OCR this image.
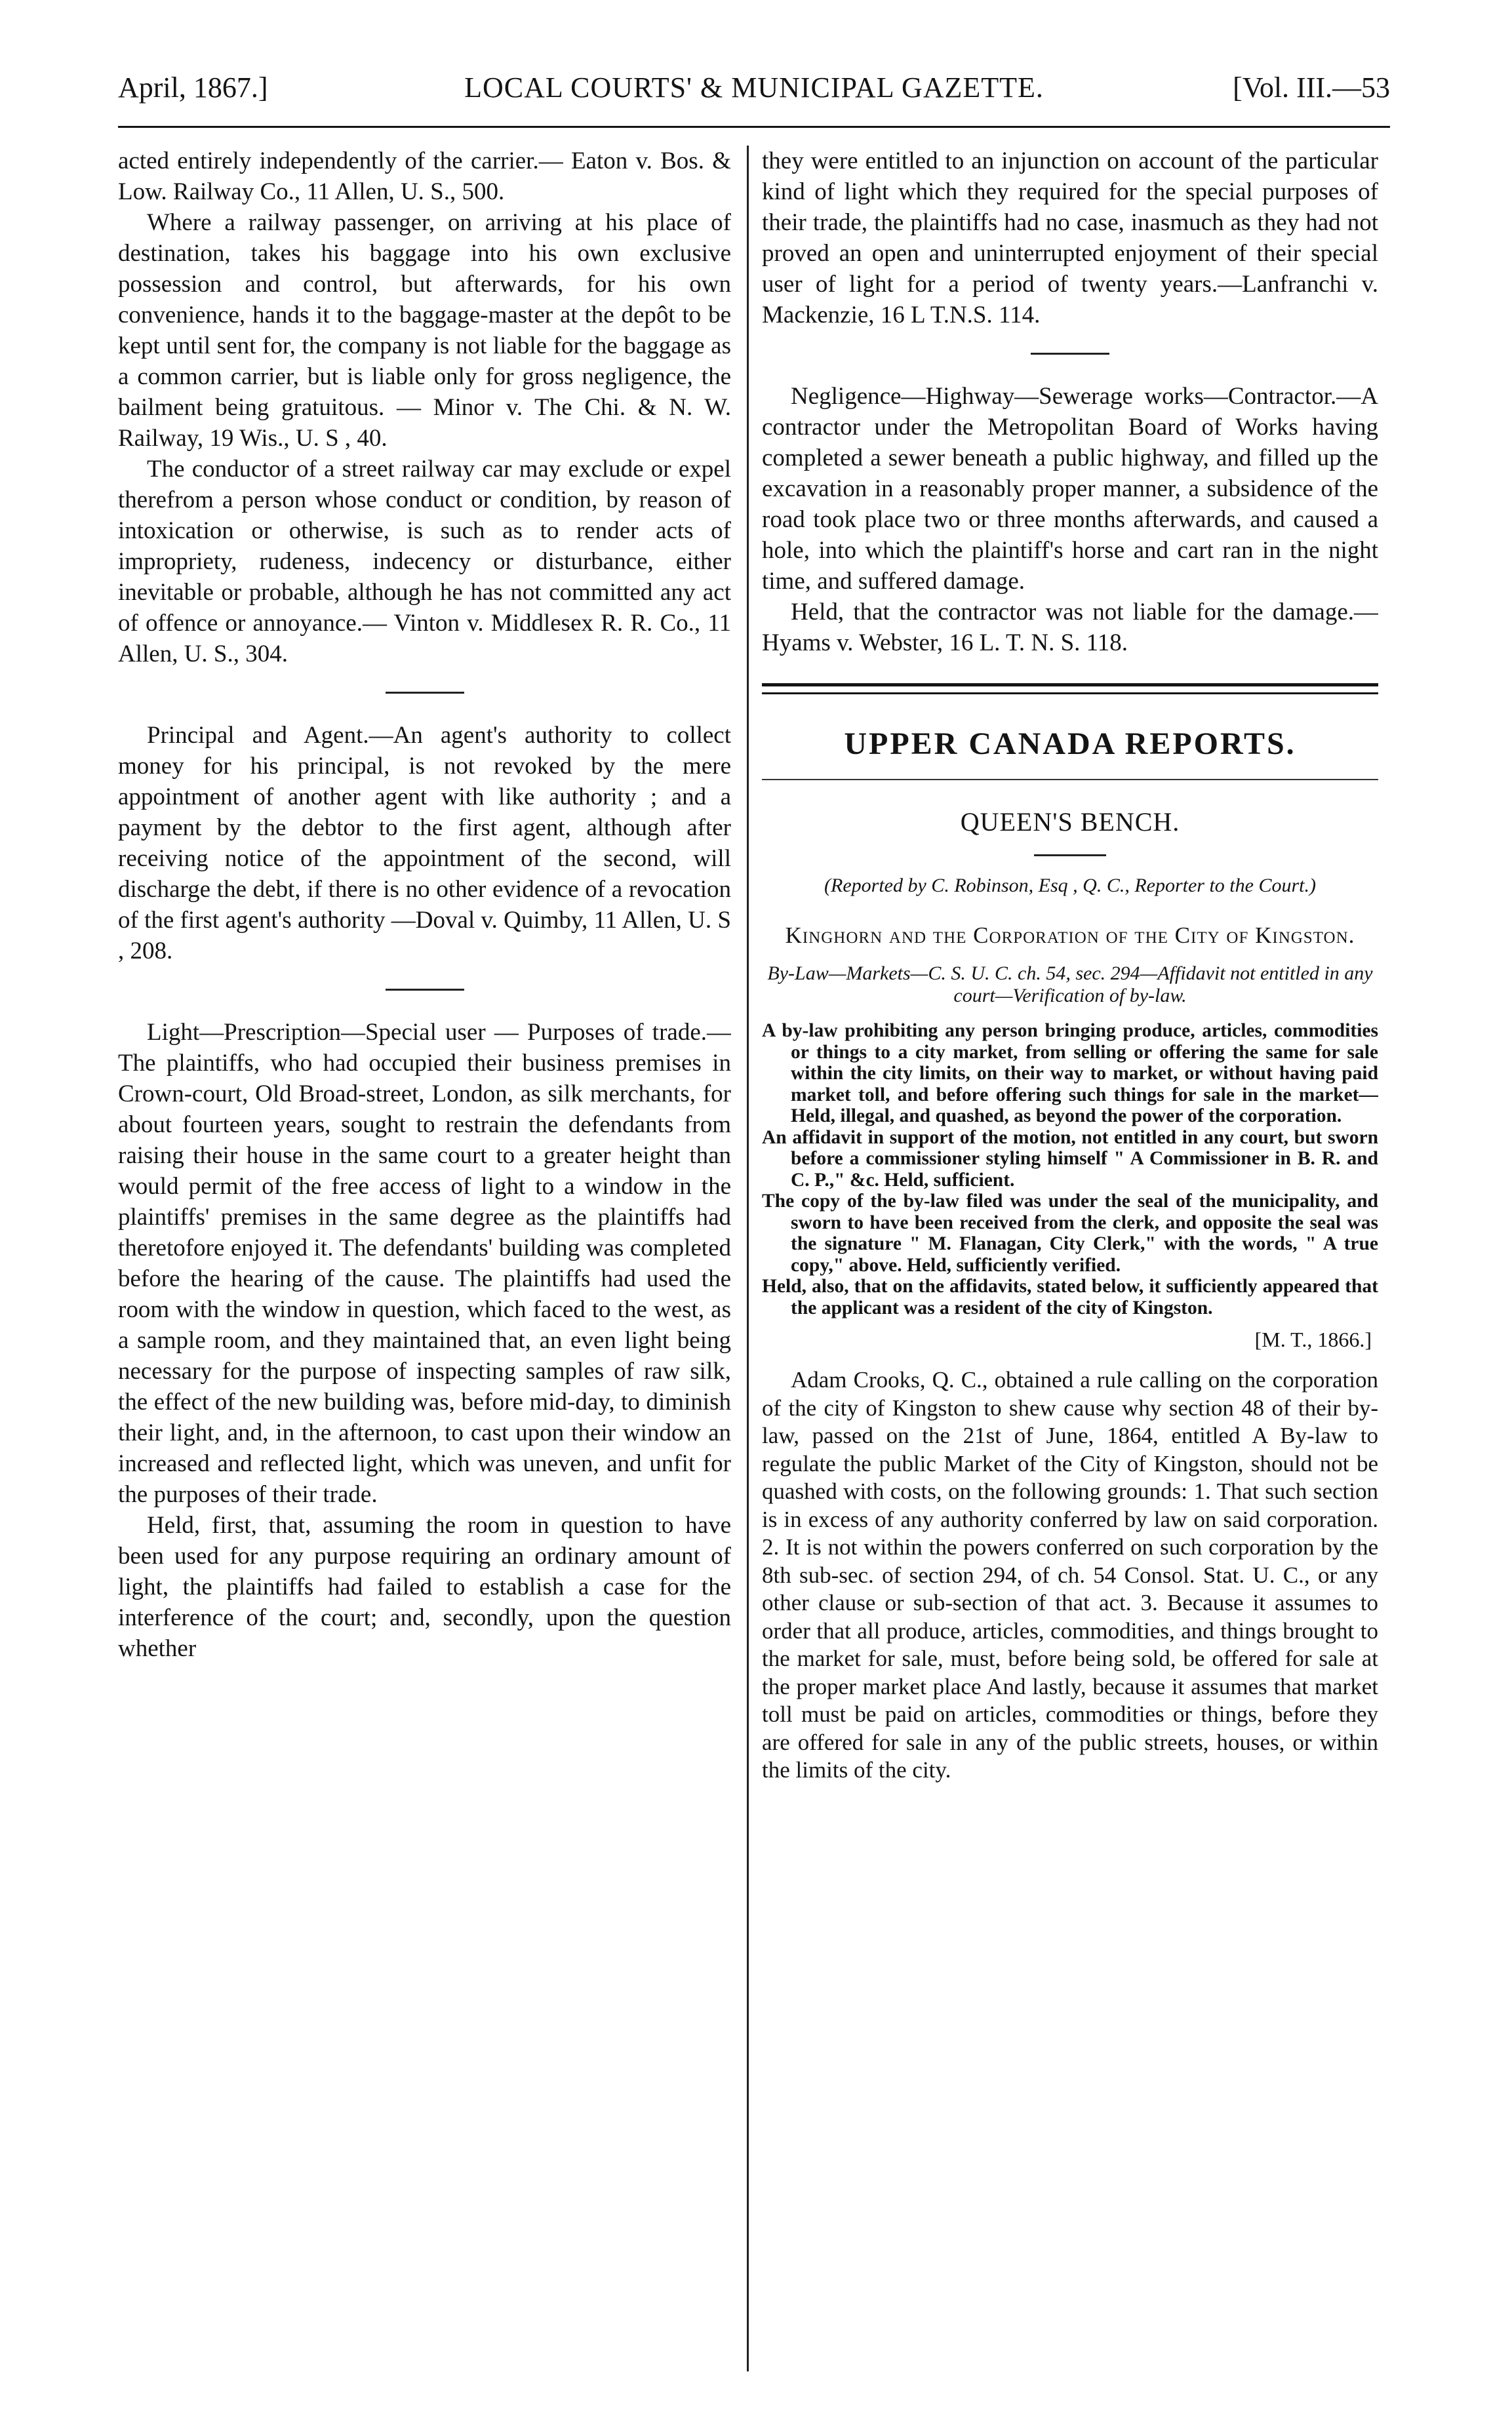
April, 1867.]	LOCAL COURTS' & MUNICIPAL GAZETTE.	[Vol. III.—53

acted entirely independently of the carrier.— Eaton v. Bos. & Low. Railway Co., 11 Allen, U. S., 500.

Where a railway passenger, on arriving at his place of destination, takes his baggage into his own exclusive possession and control, but afterwards, for his own convenience, hands it to the baggage-master at the depôt to be kept until sent for, the company is not liable for the baggage as a common carrier, but is liable only for gross negligence, the bailment being gratuitous. — Minor v. The Chi. & N. W. Railway, 19 Wis., U. S , 40.

The conductor of a street railway car may exclude or expel therefrom a person whose conduct or condition, by reason of intoxication or otherwise, is such as to render acts of impropriety, rudeness, indecency or disturbance, either inevitable or probable, although he has not committed any act of offence or annoyance.— Vinton v. Middlesex R. R. Co., 11 Allen, U. S., 304.

Principal and Agent.—An agent's authority to collect money for his principal, is not revoked by the mere appointment of another agent with like authority ; and a payment by the debtor to the first agent, although after receiving notice of the appointment of the second, will discharge the debt, if there is no other evidence of a revocation of the first agent's authority —Doval v. Quimby, 11 Allen, U. S , 208.

Light—Prescription—Special user — Purposes of trade.—The plaintiffs, who had occupied their business premises in Crown-court, Old Broad-street, London, as silk merchants, for about fourteen years, sought to restrain the defendants from raising their house in the same court to a greater height than would permit of the free access of light to a window in the plaintiffs' premises in the same degree as the plaintiffs had theretofore enjoyed it. The defendants' building was completed before the hearing of the cause. The plaintiffs had used the room with the window in question, which faced to the west, as a sample room, and they maintained that, an even light being necessary for the purpose of inspecting samples of raw silk, the effect of the new building was, before mid-day, to diminish their light, and, in the afternoon, to cast upon their window an increased and reflected light, which was uneven, and unfit for the purposes of their trade.

Held, first, that, assuming the room in question to have been used for any purpose requiring an ordinary amount of light, the plaintiffs had failed to establish a case for the interference of the court; and, secondly, upon the question whether

they were entitled to an injunction on account of the particular kind of light which they required for the special purposes of their trade, the plaintiffs had no case, inasmuch as they had not proved an open and uninterrupted enjoyment of their special user of light for a period of twenty years.—Lanfranchi v. Mackenzie, 16 L T.N.S. 114.

Negligence—Highway—Sewerage works—Contractor.—A contractor under the Metropolitan Board of Works having completed a sewer beneath a public highway, and filled up the excavation in a reasonably proper manner, a subsidence of the road took place two or three months afterwards, and caused a hole, into which the plaintiff's horse and cart ran in the night time, and suffered damage.

Held, that the contractor was not liable for the damage.—Hyams v. Webster, 16 L. T. N. S. 118.

UPPER CANADA REPORTS.
QUEEN'S BENCH.
(Reported by C. Robinson, Esq , Q. C., Reporter to the Court.)
Kinghorn and the Corporation of the City of Kingston.
By-Law—Markets—C. S. U. C. ch. 54, sec. 294—Affidavit not entitled in any court—Verification of by-law.

A by-law prohibiting any person bringing produce, articles, commodities or things to a city market, from selling or offering the same for sale within the city limits, on their way to market, or without having paid market toll, and before offering such things for sale in the market—Held, illegal, and quashed, as beyond the power of the corporation.

An affidavit in support of the motion, not entitled in any court, but sworn before a commissioner styling himself " A Commissioner in B. R. and C. P.," &c. Held, sufficient.

The copy of the by-law filed was under the seal of the municipality, and sworn to have been received from the clerk, and opposite the seal was the signature " M. Flanagan, City Clerk," with the words, " A true copy," above. Held, sufficiently verified.

Held, also, that on the affidavits, stated below, it sufficiently appeared that the applicant was a resident of the city of Kingston.

[M. T., 1866.]

Adam Crooks, Q. C., obtained a rule calling on the corporation of the city of Kingston to shew cause why section 48 of their by-law, passed on the 21st of June, 1864, entitled A By-law to regulate the public Market of the City of Kingston, should not be quashed with costs, on the following grounds: 1. That such section is in excess of any authority conferred by law on said corporation. 2. It is not within the powers conferred on such corporation by the 8th sub-sec. of section 294, of ch. 54 Consol. Stat. U. C., or any other clause or sub-section of that act. 3. Because it assumes to order that all produce, articles, commodities, and things brought to the market for sale, must, before being sold, be offered for sale at the proper market place And lastly, because it assumes that market toll must be paid on articles, commodities or things, before they are offered for sale in any of the public streets, houses, or within the limits of the city.
